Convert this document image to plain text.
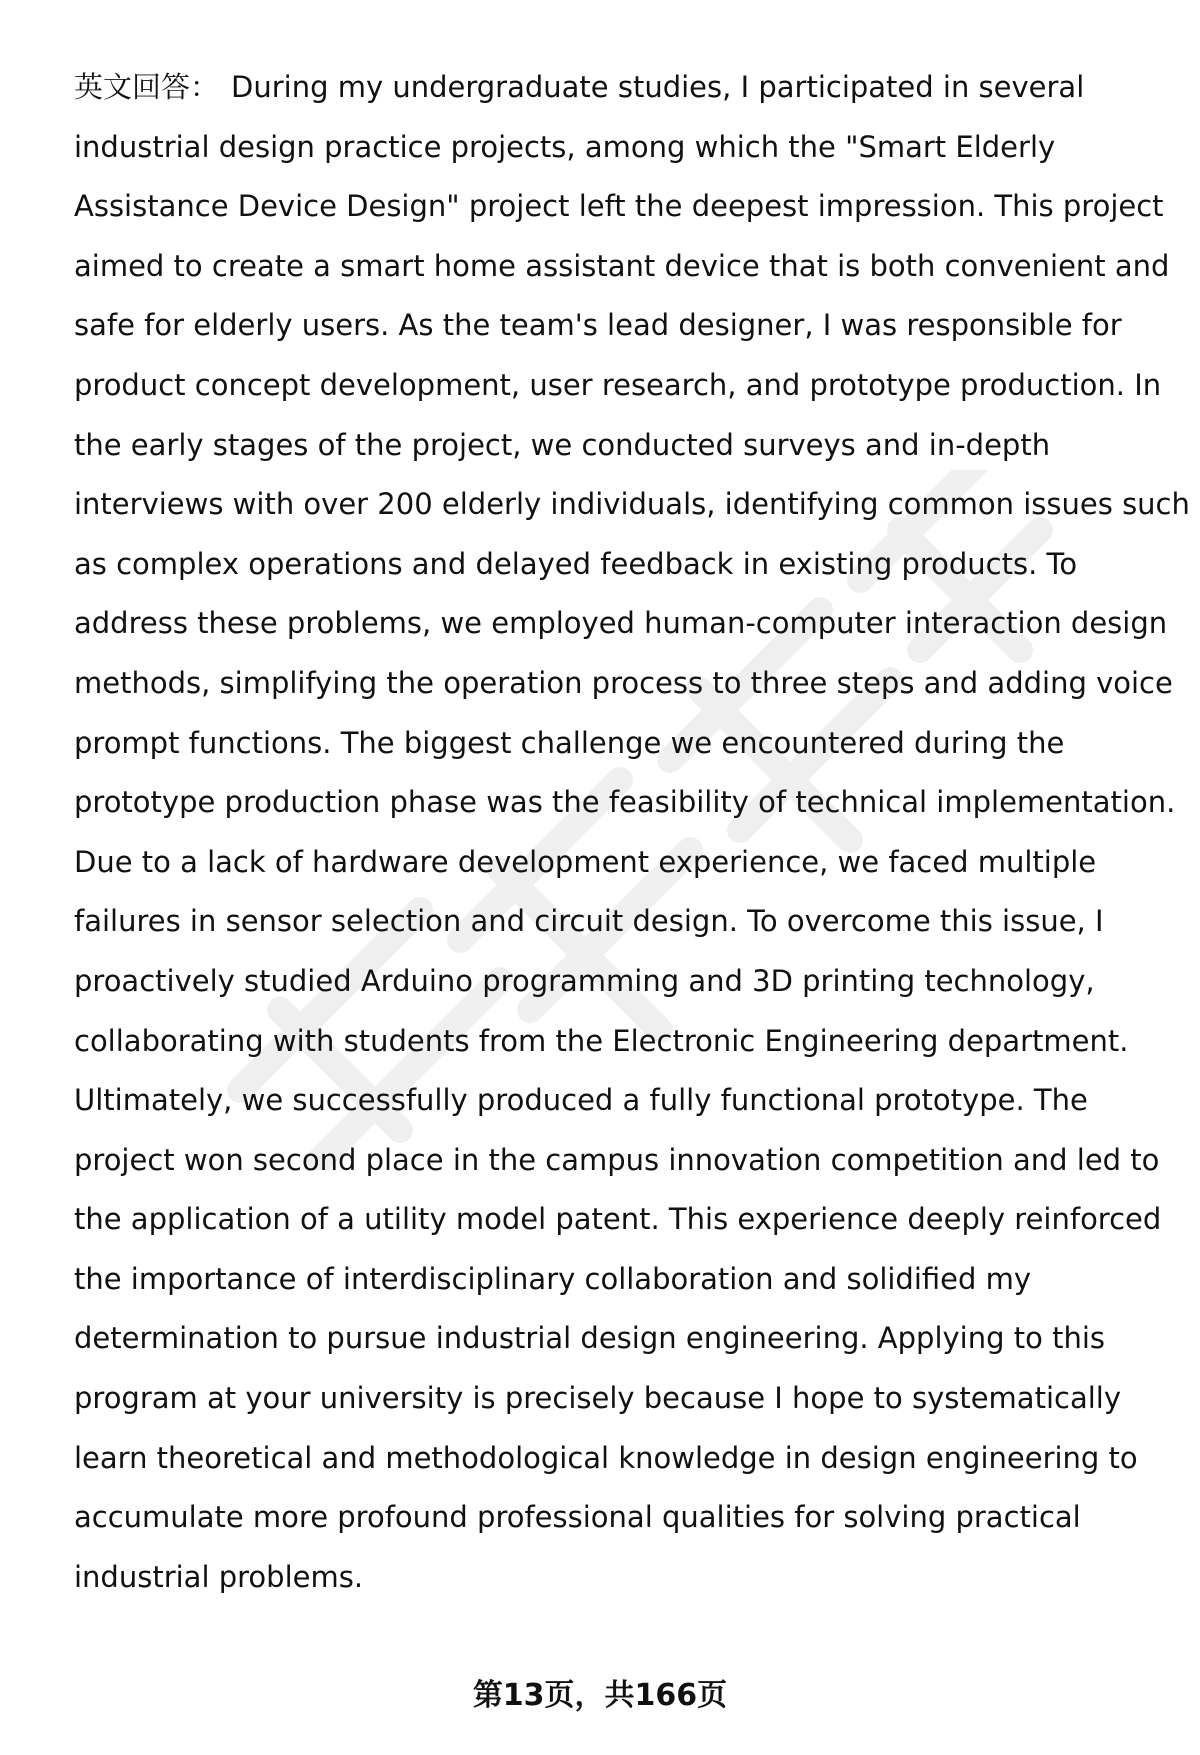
英文回答： During my undergraduate studies, I participated in several
industrial design practice projects, among which the "Smart Elderly
Assistance Device Design" project left the deepest impression. This project
aimed to create a smart home assistant device that is both convenient and
safe for elderly users. As the team's lead designer, I was responsible for
product concept development, user research, and prototype production. In
the early stages of the project, we conducted surveys and in-depth
interviews with over 200 elderly individuals, identifying common issues such
as complex operations and delayed feedback in existing products. To
address these problems, we employed human-computer interaction design
methods, simplifying the operation process to three steps and adding voice
prompt functions. The biggest challenge we encountered during the
prototype production phase was the feasibility of technical implementation.
Due to a lack of hardware development experience, we faced multiple
failures in sensor selection and circuit design. To overcome this issue, I
proactively studied Arduino programming and 3D printing technology,
collaborating with students from the Electronic Engineering department.
Ultimately, we successfully produced a fully functional prototype. The
project won second place in the campus innovation competition and led to
the application of a utility model patent. This experience deeply reinforced
the importance of interdisciplinary collaboration and solidified my
determination to pursue industrial design engineering. Applying to this
program at your university is precisely because I hope to systematically
learn theoretical and methodological knowledge in design engineering to
accumulate more profound professional qualities for solving practical
industrial problems.
第13页，共166页
